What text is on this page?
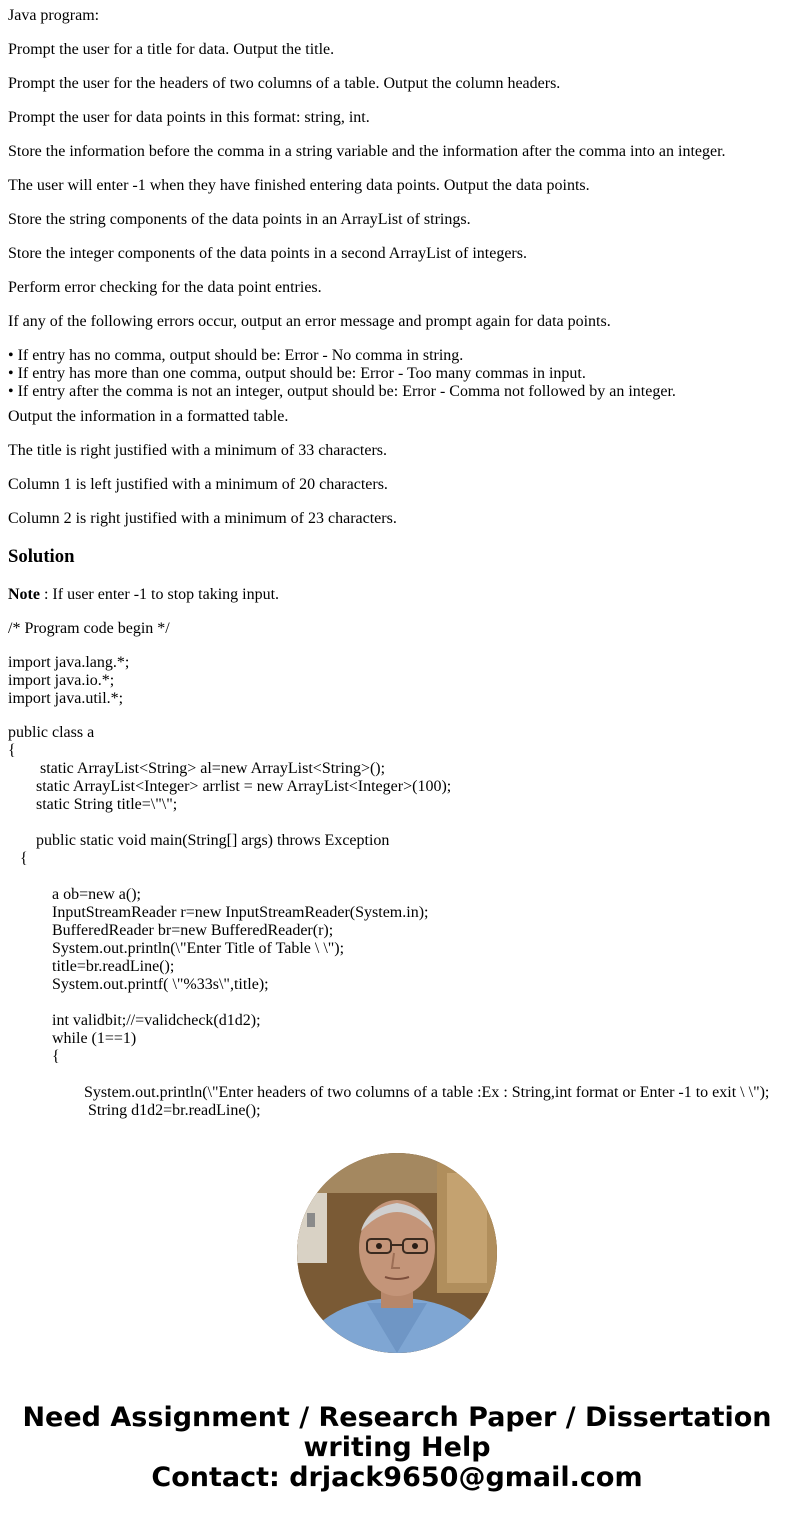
Java program:

Prompt the user for a title for data. Output the title.

Prompt the user for the headers of two columns of a table. Output the column headers.

Prompt the user for data points in this format: string, int.

Store the information before the comma in a string variable and the information after the comma into an integer.

The user will enter -1 when they have finished entering data points. Output the data points.

Store the string components of the data points in an ArrayList of strings.

Store the integer components of the data points in a second ArrayList of integers.

Perform error checking for the data point entries.

If any of the following errors occur, output an error message and prompt again for data points.

• If entry has no comma, output should be: Error - No comma in string.
• If entry has more than one comma, output should be: Error - Too many commas in input.
• If entry after the comma is not an integer, output should be: Error - Comma not followed by an integer.

Output the information in a formatted table.

The title is right justified with a minimum of 33 characters.

Column 1 is left justified with a minimum of 20 characters.

Column 2 is right justified with a minimum of 23 characters.

Solution

Note : If user enter -1 to stop taking input.

/* Program code begin */

import java.lang.*;
import java.io.*;
import java.util.*;
public class a
{
static ArrayList<String> al=new ArrayList<String>();
static ArrayList<Integer> arrlist = new ArrayList<Integer>(100);
static String title=\"\";
public static void main(String[] args) throws Exception
{
a ob=new a();
InputStreamReader r=new InputStreamReader(System.in);
BufferedReader br=new BufferedReader(r);
System.out.println(\"Enter Title of Table \ \");
title=br.readLine();
System.out.printf( \"%33s\",title);
int validbit;//=validcheck(d1d2);
while (1==1)
{
System.out.println(\"Enter headers of two columns of a table :Ex : String,int format or Enter -1 to exit \ \");
String d1d2=br.readLine();
Need Assignment / Research Paper / Dissertation
writing Help
Contact: drjack9650@gmail.com
